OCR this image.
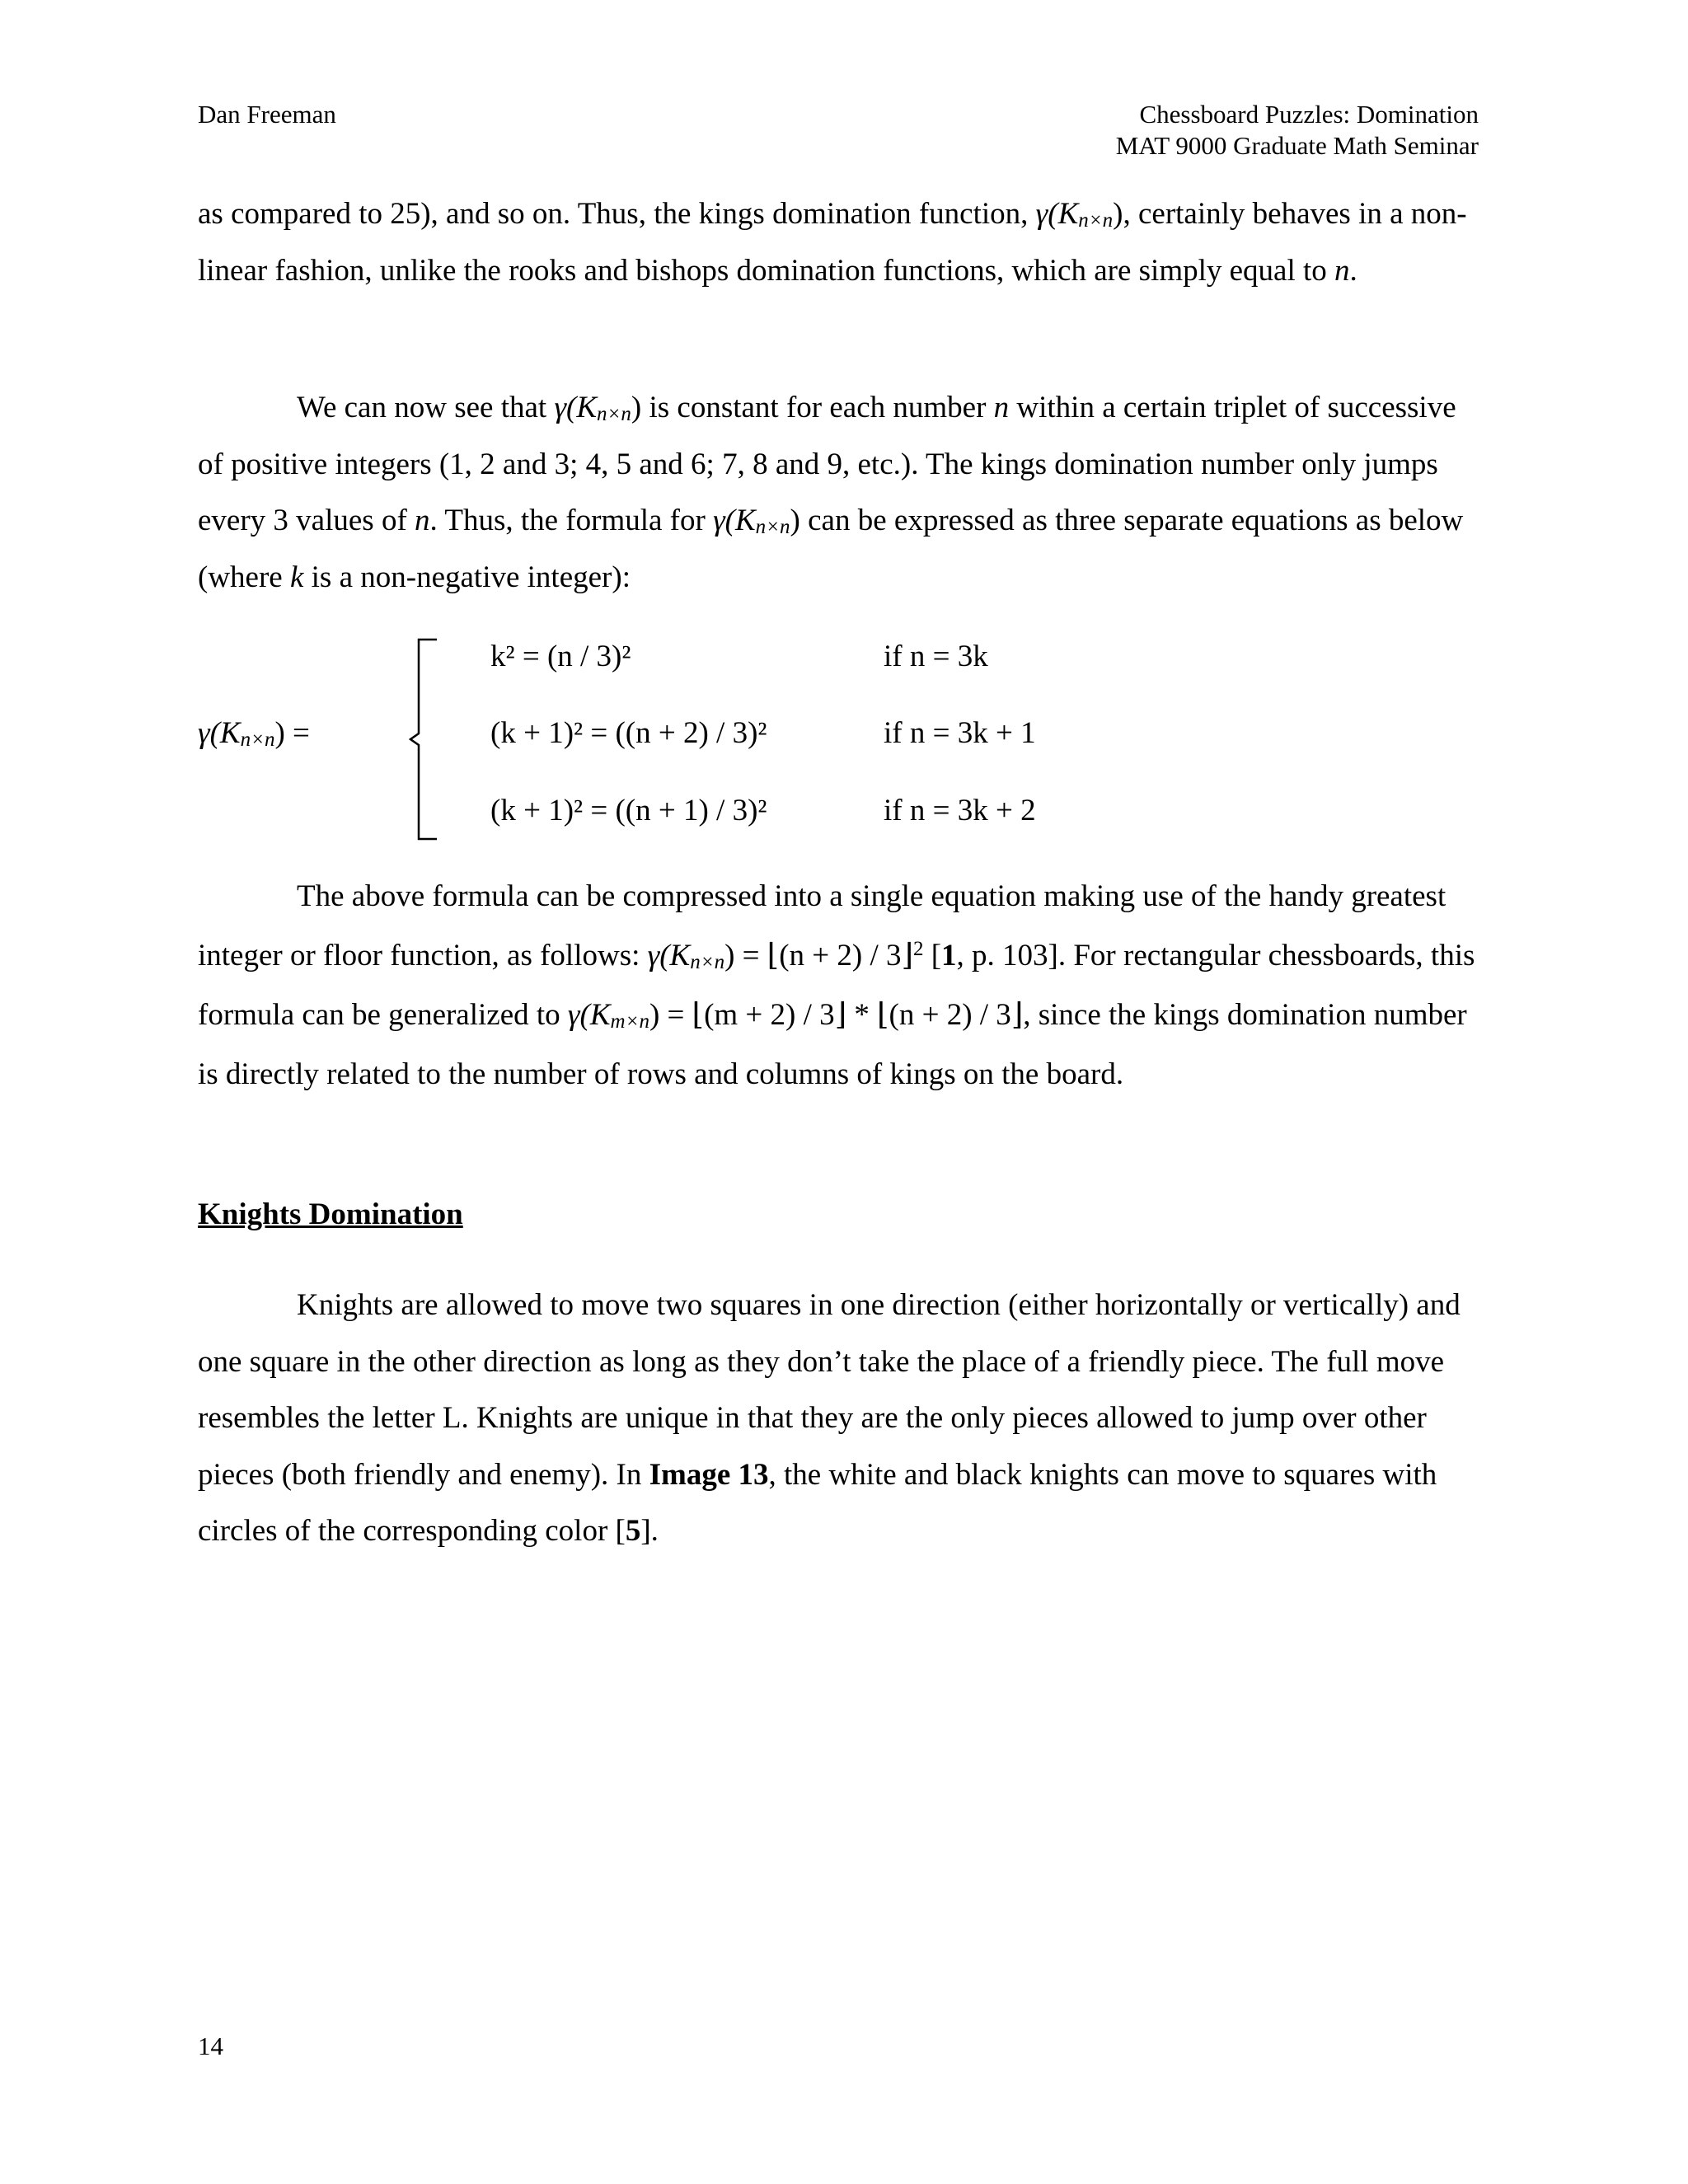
Dan Freeman	Chessboard Puzzles: Domination
MAT 9000 Graduate Math Seminar

as compared to 25), and so on. Thus, the kings domination function, $\gamma(K_{n\times n})$, certainly behaves in a non-linear fashion, unlike the rooks and bishops domination functions, which are simply equal to n.

We can now see that $\gamma(K_{n\times n})$ is constant for each number n within a certain triplet of successive of positive integers (1, 2 and 3; 4, 5 and 6; 7, 8 and 9, etc.). The kings domination number only jumps every 3 values of n. Thus, the formula for $\gamma(K_{n\times n})$ can be expressed as three separate equations as below (where k is a non-negative integer):

$\gamma(K_{n\times n})$ =
k² = (n / 3)²	if n = 3k
(k + 1)² = ((n + 2) / 3)²	if n = 3k + 1
(k + 1)² = ((n + 1) / 3)²	if n = 3k + 2

The above formula can be compressed into a single equation making use of the handy greatest integer or floor function, as follows: $\gamma(K_{n\times n})$ = ⌊(n + 2) / 3⌋$^2$ [1, p. 103]. For rectangular chessboards, this formula can be generalized to $\gamma(K_{m\times n})$ = ⌊(m + 2) / 3⌋ * ⌊(n + 2) / 3⌋, since the kings domination number is directly related to the number of rows and columns of kings on the board.

Knights Domination

Knights are allowed to move two squares in one direction (either horizontally or vertically) and one square in the other direction as long as they don’t take the place of a friendly piece. The full move resembles the letter L. Knights are unique in that they are the only pieces allowed to jump over other pieces (both friendly and enemy). In Image 13, the white and black knights can move to squares with circles of the corresponding color [5].

14
